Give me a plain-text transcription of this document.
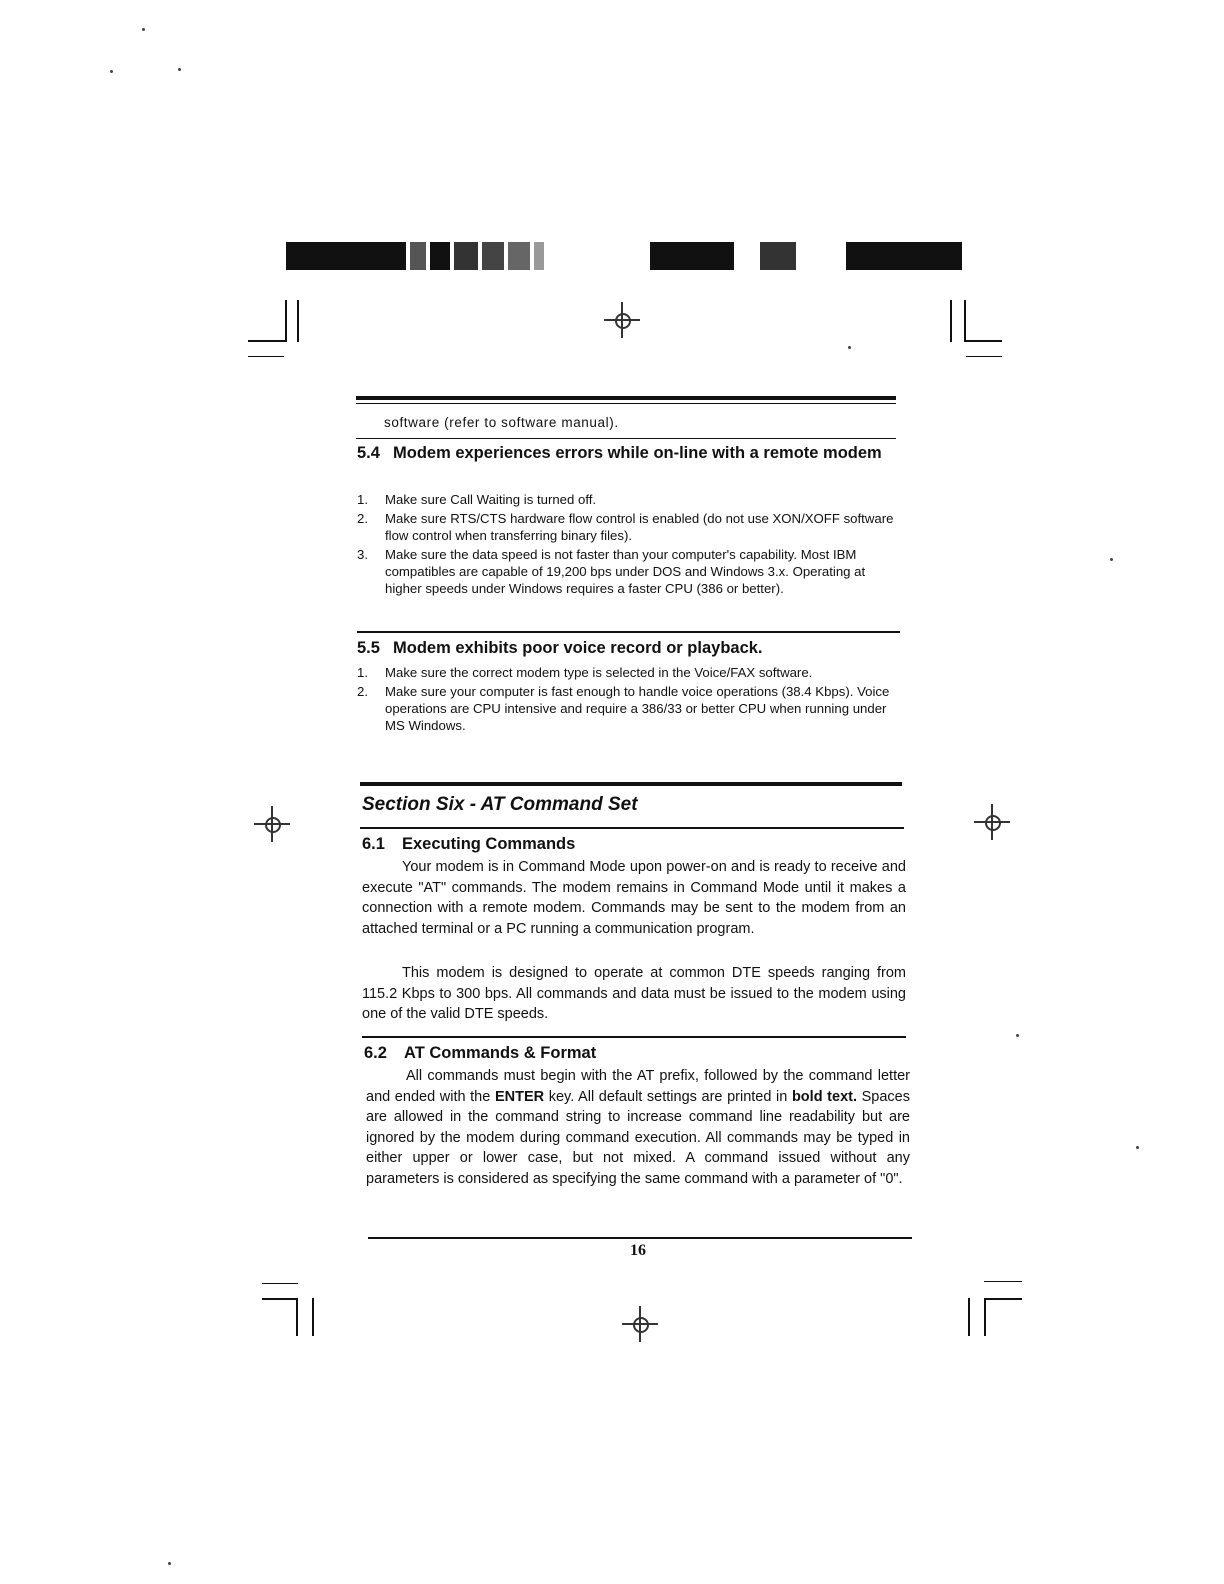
software (refer to software manual).
5.4 Modem experiences errors while on-line with a remote modem
1. Make sure Call Waiting is turned off.
2. Make sure RTS/CTS hardware flow control is enabled (do not use XON/XOFF software flow control when transferring binary files).
3. Make sure the data speed is not faster than your computer's capability. Most IBM compatibles are capable of 19,200 bps under DOS and Windows 3.x. Operating at higher speeds under Windows requires a faster CPU (386 or better).
5.5 Modem exhibits poor voice record or playback.
1. Make sure the correct modem type is selected in the Voice/FAX software.
2. Make sure your computer is fast enough to handle voice operations (38.4 Kbps). Voice operations are CPU intensive and require a 386/33 or better CPU when running under MS Windows.
Section Six - AT Command Set
6.1 Executing Commands
Your modem is in Command Mode upon power-on and is ready to receive and execute "AT" commands. The modem remains in Command Mode until it makes a connection with a remote modem. Commands may be sent to the modem from an attached terminal or a PC running a communication program.
This modem is designed to operate at common DTE speeds ranging from 115.2 Kbps to 300 bps. All commands and data must be issued to the modem using one of the valid DTE speeds.
6.2 AT Commands & Format
All commands must begin with the AT prefix, followed by the command letter and ended with the ENTER key. All default settings are printed in bold text. Spaces are allowed in the command string to increase command line readability but are ignored by the modem during command execution. All commands may be typed in either upper or lower case, but not mixed. A command issued without any parameters is considered as specifying the same command with a parameter of "0".
16
